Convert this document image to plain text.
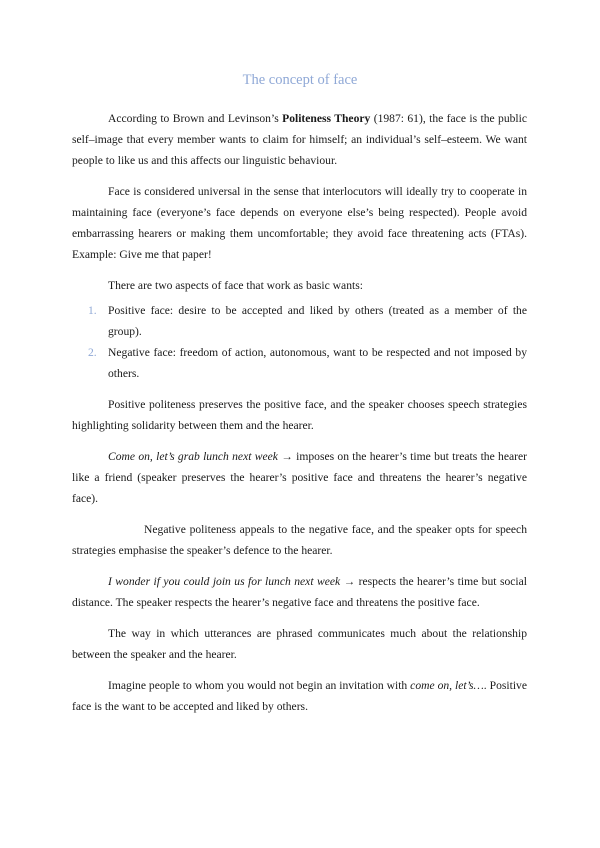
The concept of face

According to Brown and Levinson’s Politeness Theory (1987: 61), the face is the public self–image that every member wants to claim for himself; an individual’s self–esteem. We want people to like us and this affects our linguistic behaviour.

Face is considered universal in the sense that interlocutors will ideally try to cooperate in maintaining face (everyone’s face depends on everyone else’s being respected). People avoid embarrassing hearers or making them uncomfortable; they avoid face threatening acts (FTAs). Example: Give me that paper!

There are two aspects of face that work as basic wants:

1. Positive face: desire to be accepted and liked by others (treated as a member of the group).
2. Negative face: freedom of action, autonomous, want to be respected and not imposed by others.

Positive politeness preserves the positive face, and the speaker chooses speech strategies highlighting solidarity between them and the hearer.

Come on, let’s grab lunch next week → imposes on the hearer’s time but treats the hearer like a friend (speaker preserves the hearer’s positive face and threatens the hearer’s negative face).

Negative politeness appeals to the negative face, and the speaker opts for speech strategies emphasise the speaker’s defence to the hearer.

I wonder if you could join us for lunch next week → respects the hearer’s time but social distance. The speaker respects the hearer’s negative face and threatens the positive face.

The way in which utterances are phrased communicates much about the relationship between the speaker and the hearer.

Imagine people to whom you would not begin an invitation with come on, let’s…. Positive face is the want to be accepted and liked by others.
